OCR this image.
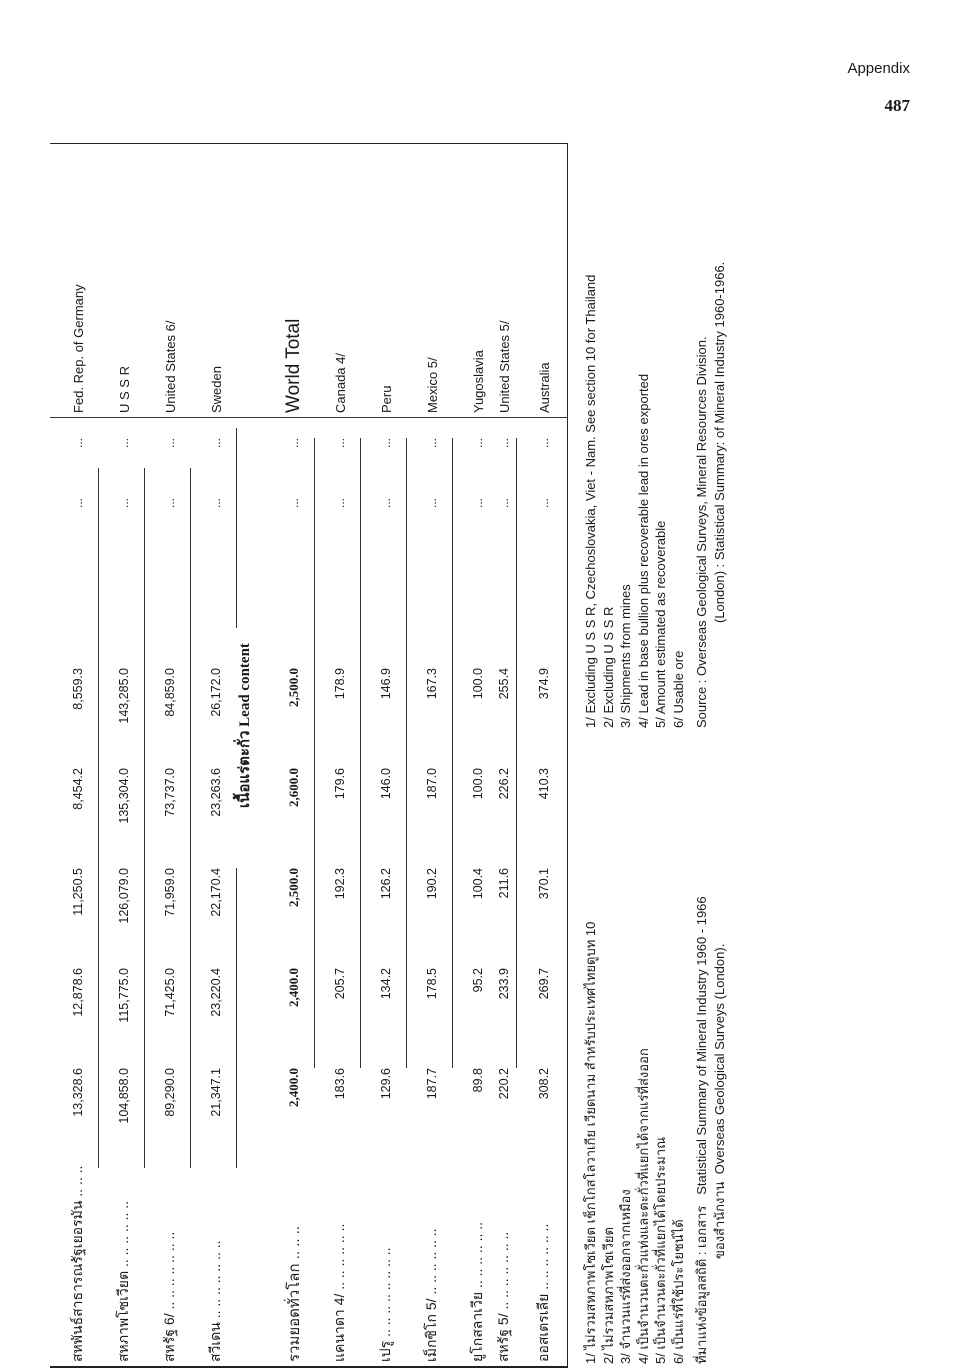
Appendix
487
เนื้อแร่ตะกั่ว Lead content
สหพันธ์สาธารณรัฐเยอรมัน .. .. ..
13,328.6
12,878.6
11,250.5
8,454.2
8,559.3
...
...
Fed. Rep. of Germany
สหภาพโซเวียต .. .. .. .. .. ..
104,858.0
115,775.0
126,079.0
135,304.0
143,285.0
...
...
U S S R
สหรัฐ 6/ .. .. .. .. .. .. ..
89,290.0
71,425.0
71,959.0
73,737.0
84,859.0
...
...
United States 6/
สวีเดน .. .. .. .. .. .. ..
21,347.1
23,220.4
22,170.4
23,263.6
26,172.0
...
...
Sweden
รวมยอดทั่วโลก .. .. ..
2,400.0
2,400.0
2,500.0
2,600.0
2,500.0
...
...
World Total
แคนาดา 4/ .. .. .. .. .. ..
183.6
205.7
192.3
179.6
178.9
...
...
Canada 4/
เปรู .. .. .. .. .. .. .. ..
129.6
134.2
126.2
146.0
146.9
...
...
Peru
เม็กซิโก 5/ .. .. .. .. .. ..
187.7
178.5
190.2
187.0
167.3
...
...
Mexico 5/
ยูโกสลาเวีย .. .. .. .. .. ..
89.8
95.2
100.4
100.0
100.0
...
...
Yugoslavia
สหรัฐ 5/ .. .. .. .. .. .. ..
220.2
233.9
211.6
226.2
255.4
...
...
United States 5/
ออสเตรเลีย .. .. .. .. .. ..
308.2
269.7
370.1
410.3
374.9
...
...
Australia
1/ ไม่รวมสหภาพโซเวียต เช็กโกสโลวาเกีย เวียดนาม สำหรับประเทศไทยดูบท 10 2/ ไม่รวมสหภาพโซเวียต 3/ จำนวนแร่ที่ส่งออกจากเหมือง 4/ เป็นจำนวนตะกั่วแท่งและตะกั่วที่แยกได้จากแร่ที่ส่งออก 5/ เป็นจำนวนตะกั่วที่แยกได้โดยประมาณ 6/ เป็นแร่ที่ใช้ประโยชน์ได้ ที่มาแห่งข้อมูลสถิติ : เอกสาร   Statistical Summary of Mineral Industry 1960 - 1966
ของสำนักงาน  Overseas Geological Surveys (London).
1/ Excluding U S S R, Czechoslovakia, Viet - Nam. See section 10 for Thailand 2/ Excluding U S S R 3/ Shipments from mines 4/ Lead in base bullion plus recoverable lead in ores exported 5/ Amount estimated as recoverable 6/ Usable ore Source : Overseas Geological Surveys, Mineral Resources Division. (London) : Statistical Summary: of Mineral Industry 1960-1966.
